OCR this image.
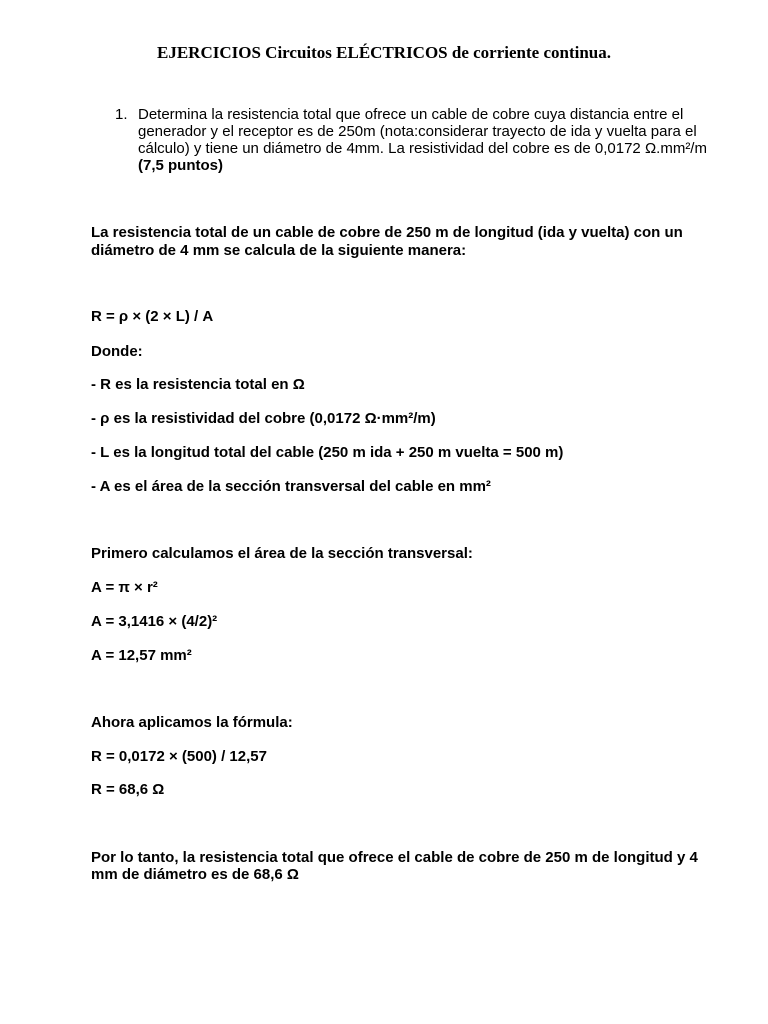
EJERCICIOS Circuitos ELÉCTRICOS de corriente continua.
1. Determina la resistencia total que ofrece un cable de cobre cuya distancia entre el
generador y el receptor es de 250m (nota:considerar trayecto de ida y vuelta para el
cálculo) y tiene un diámetro de 4mm. La resistividad del cobre es de 0,0172 Ω.mm²/m
(7,5 puntos)
La resistencia total de un cable de cobre de 250 m de longitud (ida y vuelta) con un
diámetro de 4 mm se calcula de la siguiente manera:
R = ρ × (2 × L) / A
Donde:
- R es la resistencia total en Ω
- ρ es la resistividad del cobre (0,0172 Ω·mm²/m)
- L es la longitud total del cable (250 m ida + 250 m vuelta = 500 m)
- A es el área de la sección transversal del cable en mm²
Primero calculamos el área de la sección transversal:
A = π × r²
A = 3,1416 × (4/2)²
A = 12,57 mm²
Ahora aplicamos la fórmula:
R = 0,0172 × (500) / 12,57
R = 68,6 Ω
Por lo tanto, la resistencia total que ofrece el cable de cobre de 250 m de longitud y 4
mm de diámetro es de 68,6 Ω
